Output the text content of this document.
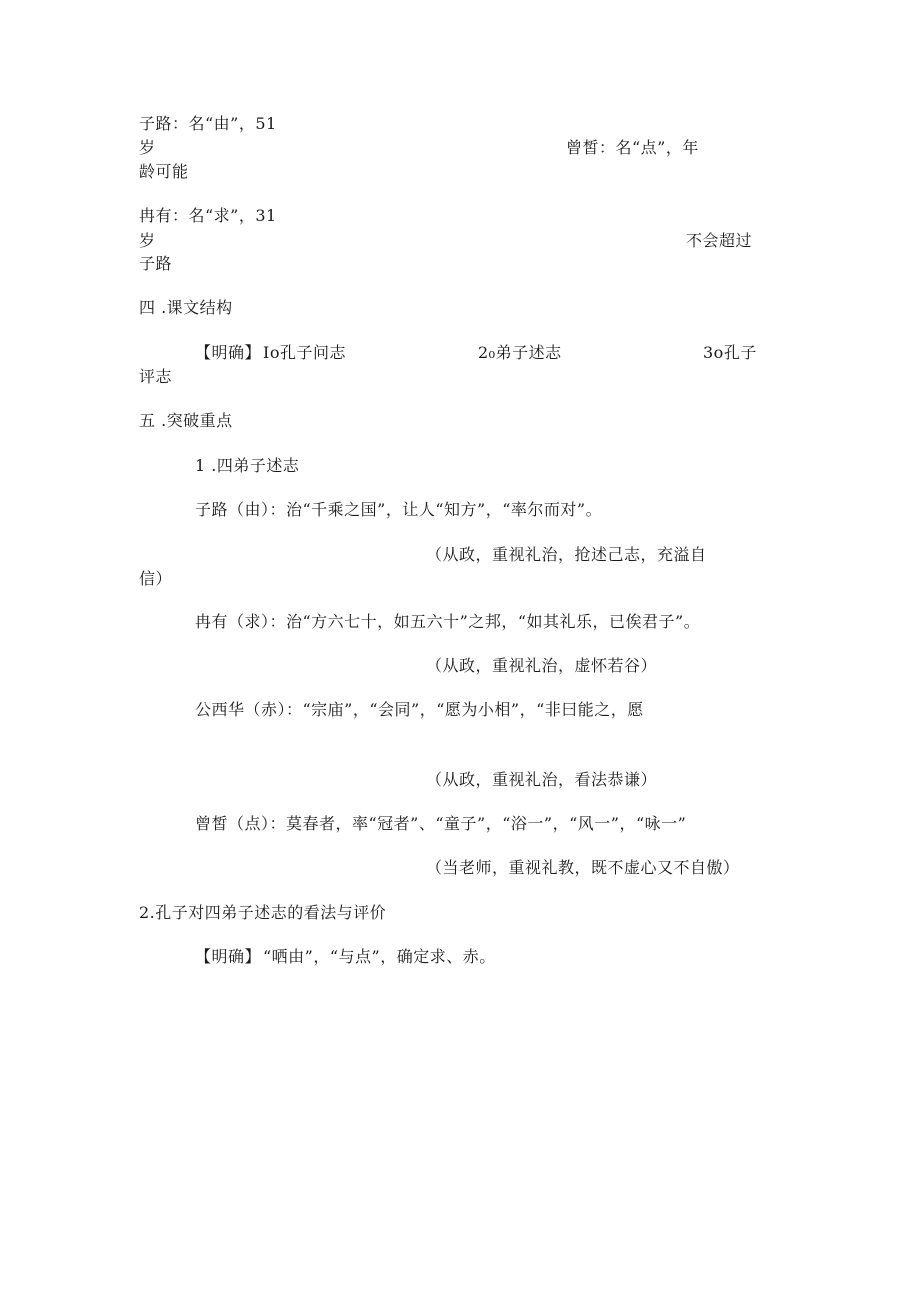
子路：名“由”，51
岁	曾皙：名“点”，年
龄可能
冉有：名“求”，31
岁	不会超过
子路
四 .课文结构
【明确】 Io孔子问志	2₀弟子述志	3o孔子
评志
五 .突破重点
1 .四弟子述志
子路（由）：治“千乘之国”，让人“知方”，“率尔而对”。
（从政，重视礼治，抢述己志，充溢自
信）
冉有（求）：治“方六七十，如五六十”之邦，“如其礼乐，已俟君子”。
（从政，重视礼治，虚怀若谷）
公西华（赤）：“宗庙”，“会同”，“愿为小相”，“非曰能之，愿
（从政，重视礼治，看法恭谦）
曾皙（点）：莫春者，率“冠者”、“童子”，“浴一”，“风一”，“咏一”
（当老师，重视礼教，既不虚心又不自傲）
2.孔子对四弟子述志的看法与评价
【明确】 “哂由”，“与点”，确定求、赤。
